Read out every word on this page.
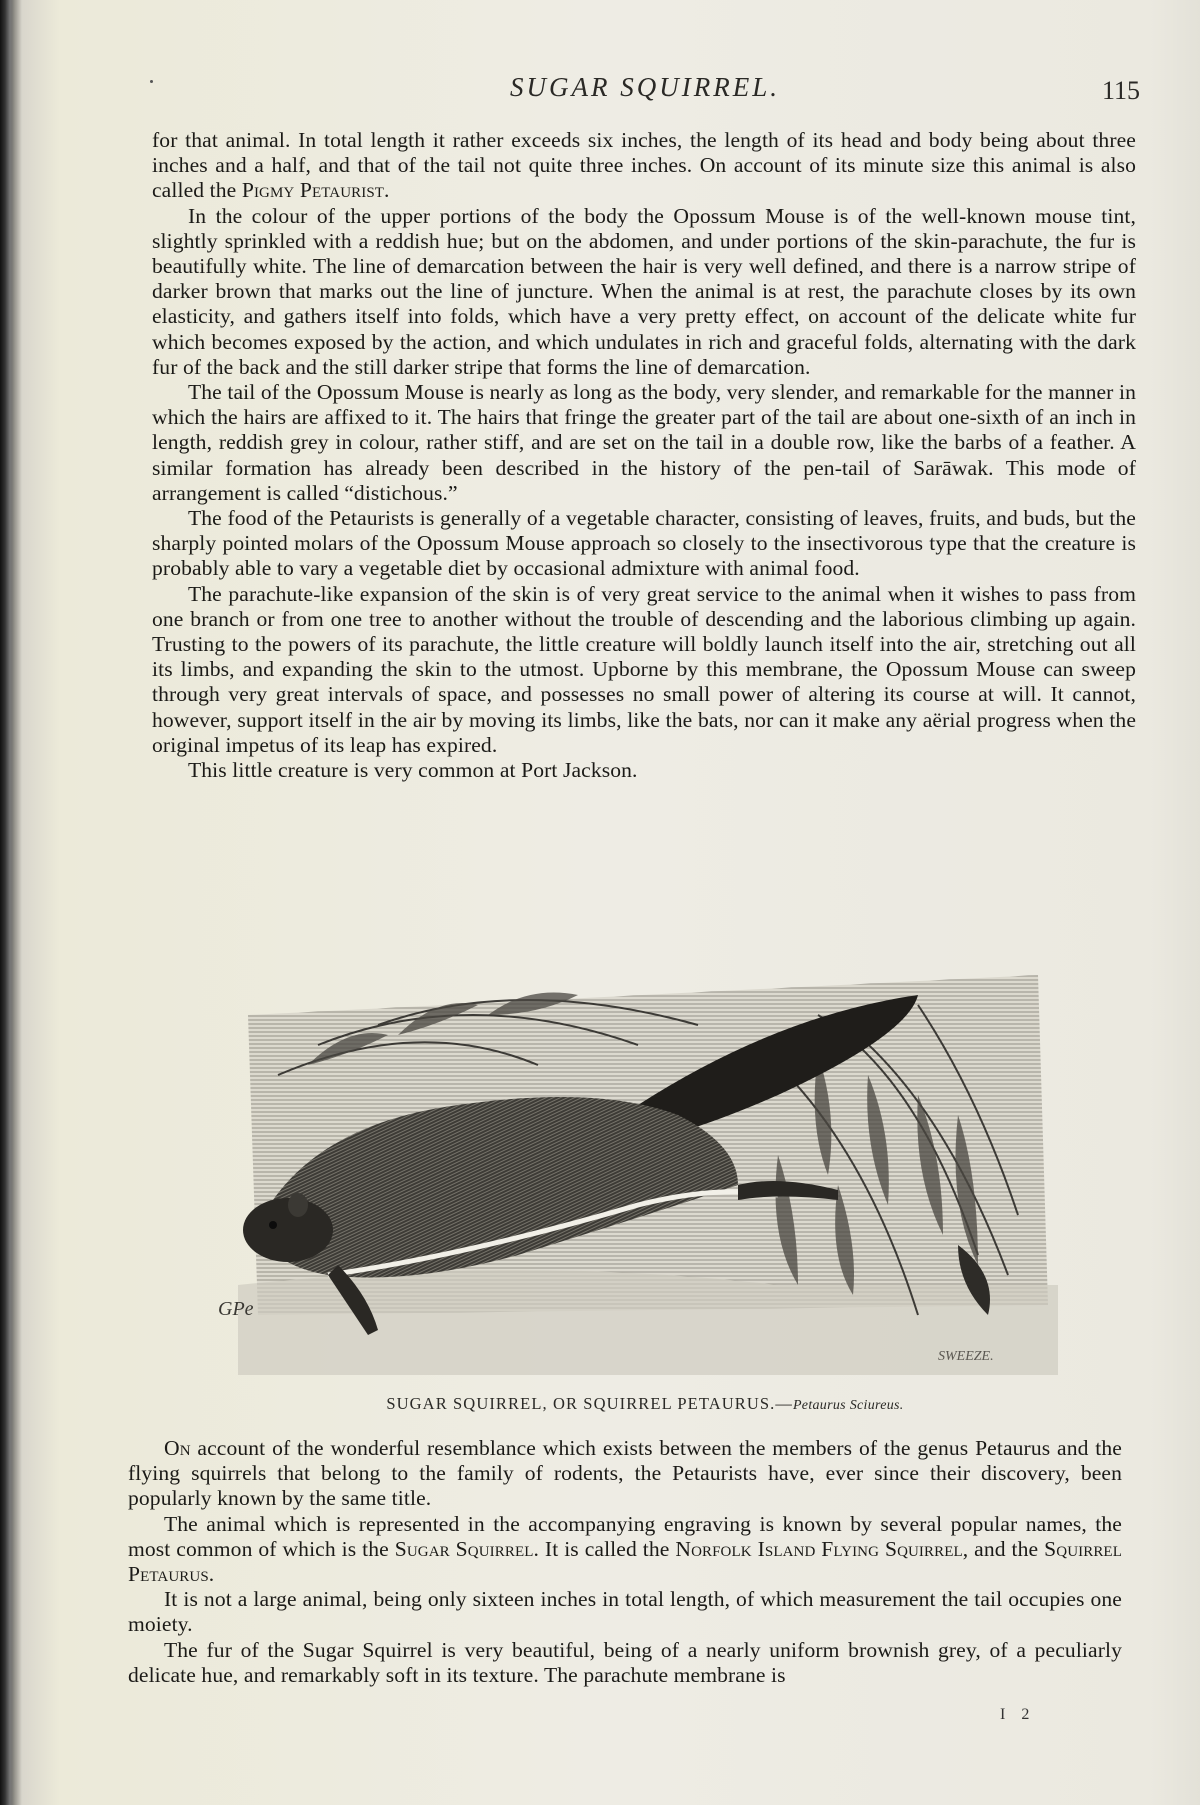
SUGAR SQUIRREL.	115

for that animal. In total length it rather exceeds six inches, the length of its head and body being about three inches and a half, and that of the tail not quite three inches. On account of its minute size this animal is also called the Pigmy Petaurist.

In the colour of the upper portions of the body the Opossum Mouse is of the well-known mouse tint, slightly sprinkled with a reddish hue; but on the abdomen, and under portions of the skin-parachute, the fur is beautifully white. The line of demarcation between the hair is very well defined, and there is a narrow stripe of darker brown that marks out the line of juncture. When the animal is at rest, the parachute closes by its own elasticity, and gathers itself into folds, which have a very pretty effect, on account of the delicate white fur which becomes exposed by the action, and which undulates in rich and graceful folds, alternating with the dark fur of the back and the still darker stripe that forms the line of demarcation.

The tail of the Opossum Mouse is nearly as long as the body, very slender, and remarkable for the manner in which the hairs are affixed to it. The hairs that fringe the greater part of the tail are about one-sixth of an inch in length, reddish grey in colour, rather stiff, and are set on the tail in a double row, like the barbs of a feather. A similar formation has already been described in the history of the pen-tail of Sarāwak. This mode of arrangement is called “distichous.”

The food of the Petaurists is generally of a vegetable character, consisting of leaves, fruits, and buds, but the sharply pointed molars of the Opossum Mouse approach so closely to the insectivorous type that the creature is probably able to vary a vegetable diet by occasional admixture with animal food.

The parachute-like expansion of the skin is of very great service to the animal when it wishes to pass from one branch or from one tree to another without the trouble of descending and the laborious climbing up again. Trusting to the powers of its parachute, the little creature will boldly launch itself into the air, stretching out all its limbs, and expanding the skin to the utmost. Upborne by this membrane, the Opossum Mouse can sweep through very great intervals of space, and possesses no small power of altering its course at will. It cannot, however, support itself in the air by moving its limbs, like the bats, nor can it make any aërial progress when the original impetus of its leap has expired.

This little creature is very common at Port Jackson.

GPe
SWEEZE.
SUGAR SQUIRREL, OR SQUIRREL PETAURUS.—Petaurus Sciureus.

On account of the wonderful resemblance which exists between the members of the genus Petaurus and the flying squirrels that belong to the family of rodents, the Petaurists have, ever since their discovery, been popularly known by the same title.

The animal which is represented in the accompanying engraving is known by several popular names, the most common of which is the Sugar Squirrel. It is called the Norfolk Island Flying Squirrel, and the Squirrel Petaurus.

It is not a large animal, being only sixteen inches in total length, of which measurement the tail occupies one moiety.

The fur of the Sugar Squirrel is very beautiful, being of a nearly uniform brownish grey, of a peculiarly delicate hue, and remarkably soft in its texture. The parachute membrane is

I 2
